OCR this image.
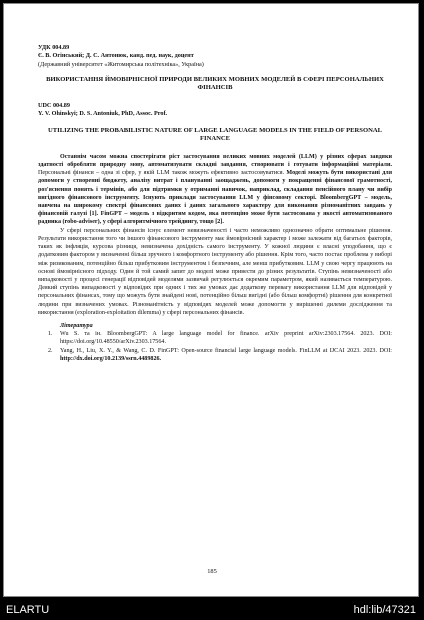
УДК 004.89
Є. В. Огінський; Д. С. Антонюк, канд. пед. наук, доцент
(Державний університет «Житомирська політехніка», Україна)
ВИКОРИСТАННЯ ЙМОВІРНІСНОЇ ПРИРОДИ ВЕЛИКИХ МОВНИХ МОДЕЛЕЙ В СФЕРІ ПЕРСОНАЛЬНИХ ФІНАНСІВ
UDC 004.89
Y. V. Ohinskyi; D. S. Antoniuk, PhD, Assoc. Prof.
UTILIZING THE PROBABILISTIC NATURE OF LARGE LANGUAGE MODELS IN THE FIELD OF PERSONAL FINANCE

Останнім часом можна спостерігати ріст застосування великих мовних моделей (LLM) у різних сферах завдяки здатності обробляти природну мову, автоматизувати складні завдання, створювати і готувати інформаційні матеріали. Персональні фінанси – одна зі сфер, у якій LLM також можуть ефективно застосовуватися. Моделі можуть бути використані для допомоги у створенні бюджету, аналізу витрат і плануванні заощаджень, допомоги у покращенні фінансової грамотності, роз'яснення понять і термінів, або для підтримки у отриманні навичок, наприклад, складання пенсійного плану чи вибір вигідного фінансового інструменту. Існують приклади застосування LLM у фінсовому секторі. BloombergGPT – модель, навчена на широкому спектрі фінансових даних і даних загального характеру для виконання різноманітних завдань у фінансовій галузі [1]. FinGPT – модель з відкритим кодом, яка потенціно може бути застосована у якості автоматизованого радника (robo-adviser), у сфері алгоритмічного трейдингу, тощо [2].

У сфері персональних фінансів існує елемент невизначеності і часто неможливо однозначно обрати оптимальне рішення. Результати використання того чи іншого фінансового інструменту має ймовірнісний характер і може залежати від багатьох факторів, таких як інфляція, курсова різниця, невизначена дохідність самого інструменту. У кожної людини є власні уподобання, що є додатковим фактором у визначенні більш зручного і комфортного інструменту або рішення. Крім того, часто постає проблема у виборі між ризикованим, потенційно більш прибутковим інструментом і безпечним, але менш прибутковим. LLM у свою чергу працюють на основі ймовірнісного підходу. Один й той самий запит до моделі може привести до різних результатів. Ступінь невизначеності або випадковості у процесі генерації відповідей моделями зазвичай регулюється окремим параметром, який називається температурою. Деякий ступінь випадковості у відповідях при одних і тих же умовах дає додаткову перевагу використання LLM для відповідей у персональних фінансах, тому що можуть бути знайдені нові, потенційно більш вигідні (або більш комфортні) рішення для конкретної людини при визначених умовах. Різноманітність у відповідях моделей може допомогти у вирішенні дилеми дослідження та використання (exploration-exploitation dilemma) у сфері персональних фінансів.

Література
1. Wu S. та ін. BloombergGPT: A large language model for finance. arXiv preprint arXiv:2303.17564. 2023. DOI: https://doi.org/10.48550/arXiv.2303.17564.
2. Yang, H., Liu, X. Y., & Wang, C. D. FinGPT: Open-source financial large language models. FinLLM at IJCAI 2023. 2023. DOI: http://dx.doi.org/10.2139/ssrn.4489826.
185
ELARTU	hdl:lib/47321
